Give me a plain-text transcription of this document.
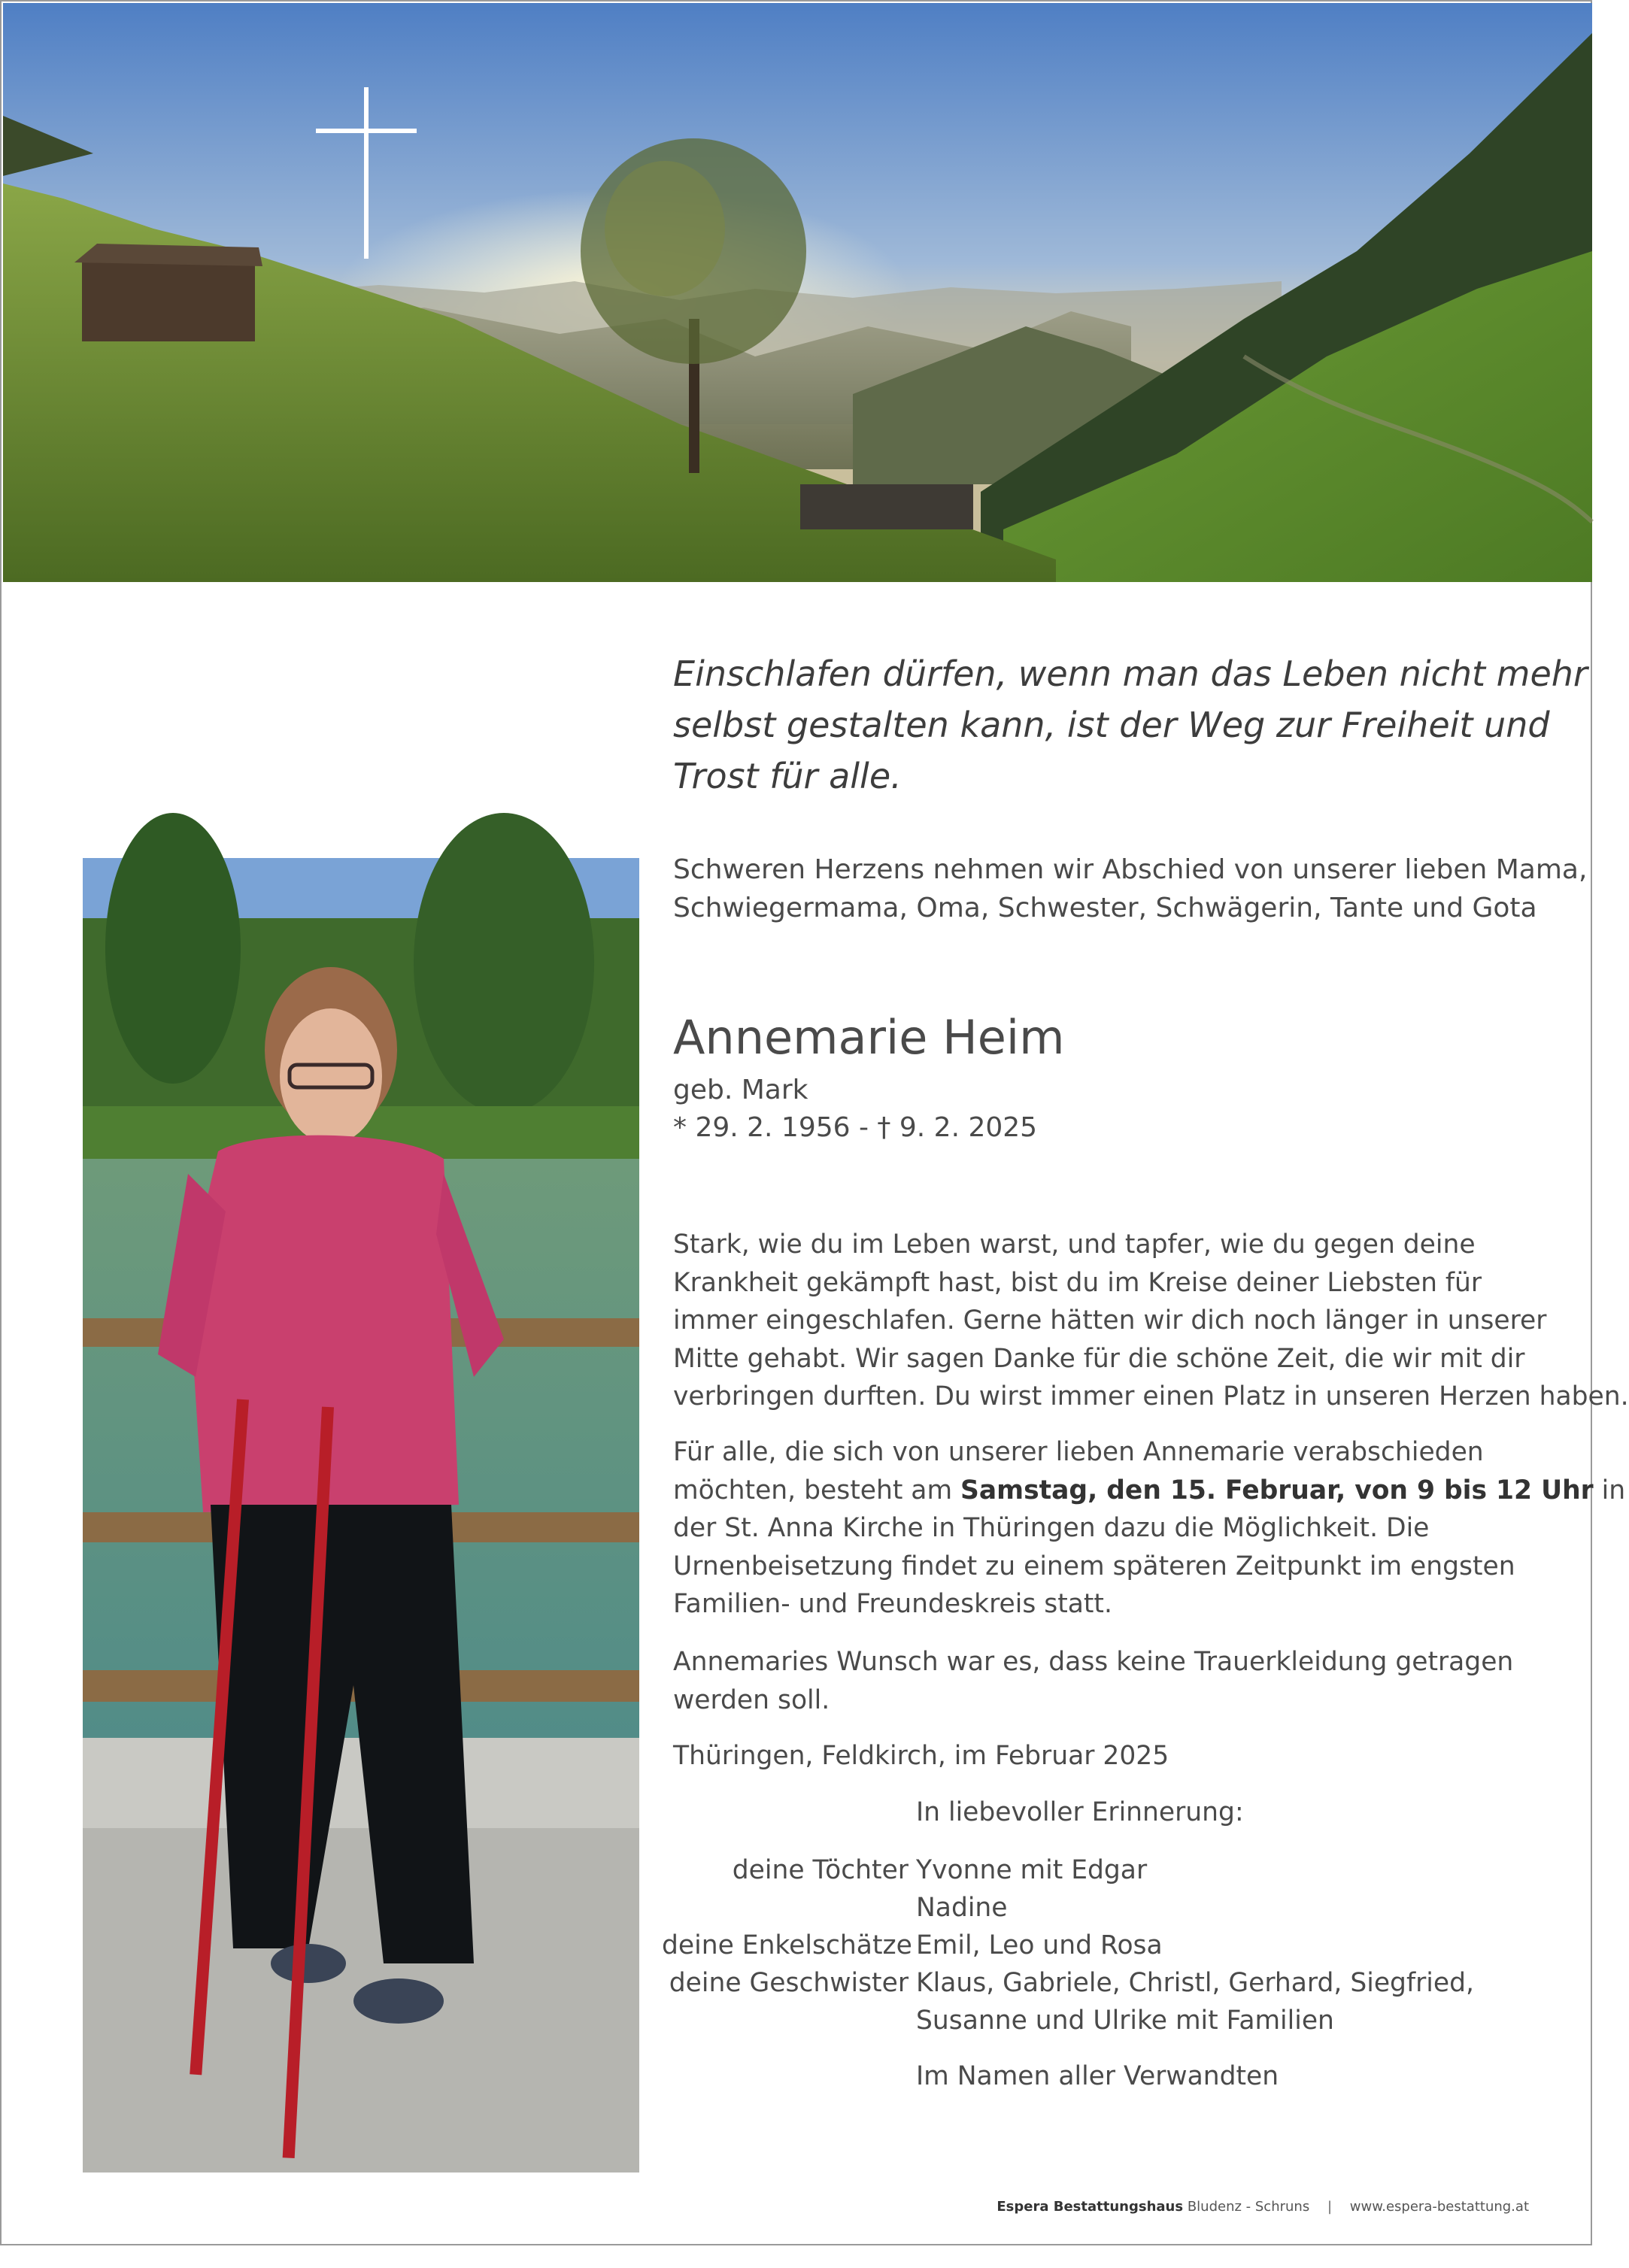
Einschlafen dürfen, wenn man das Leben nicht mehr
selbst gestalten kann, ist der Weg zur Freiheit und
Trost für alle.
Schweren Herzens nehmen wir Abschied von unserer lieben Mama,
Schwiegermama, Oma, Schwester, Schwägerin, Tante und Gota
Annemarie Heim
geb. Mark
* 29. 2. 1956 - † 9. 2. 2025
Stark, wie du im Leben warst, und tapfer, wie du gegen deine
Krankheit gekämpft hast, bist du im Kreise deiner Liebsten für
immer eingeschlafen. Gerne hätten wir dich noch länger in unserer
Mitte gehabt. Wir sagen Danke für die schöne Zeit, die wir mit dir
verbringen durften. Du wirst immer einen Platz in unseren Herzen haben.
Für alle, die sich von unserer lieben Annemarie verabschieden
möchten, besteht am Samstag, den 15. Februar, von 9 bis 12 Uhr in
der St. Anna Kirche in Thüringen dazu die Möglichkeit. Die
Urnenbeisetzung findet zu einem späteren Zeitpunkt im engsten
Familien- und Freundeskreis statt.
Annemaries Wunsch war es, dass keine Trauerkleidung getragen
werden soll.
Thüringen, Feldkirch, im Februar 2025
In liebevoller Erinnerung:
deine Töchter
deine Enkelschätze
deine Geschwister
Yvonne mit Edgar
Nadine
Emil, Leo und Rosa
Klaus, Gabriele, Christl, Gerhard, Siegfried,
Susanne und Ulrike mit Familien
Im Namen aller Verwandten
Espera Bestattungshaus Bludenz - Schruns | www.espera-bestattung.at
